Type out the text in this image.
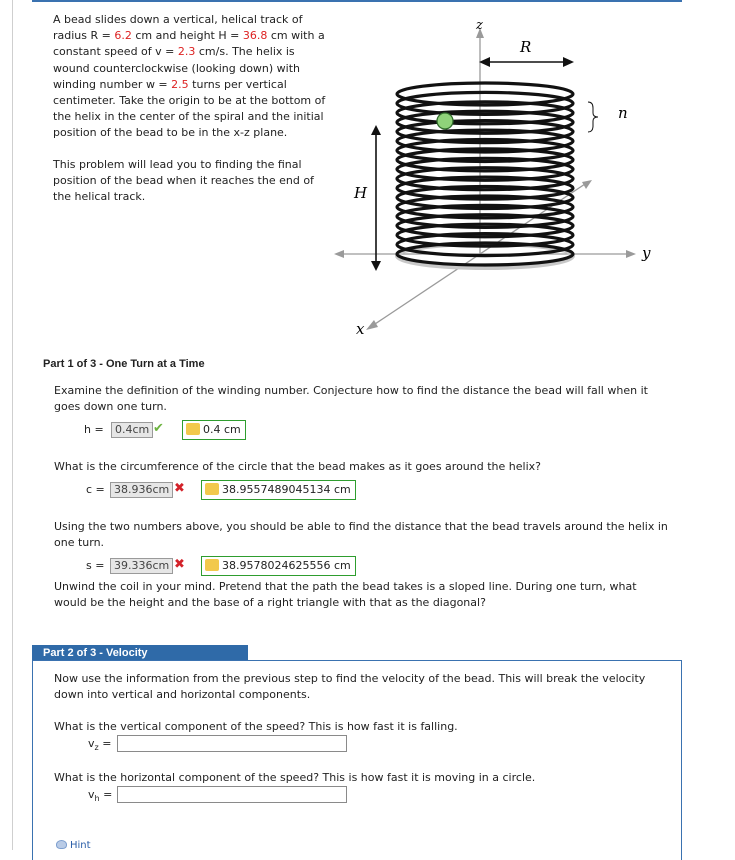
A bead slides down a vertical, helical track of radius R = 6.2 cm and height H = 36.8 cm with a constant speed of v = 2.3 cm/s. The helix is wound counterclockwise (looking down) with winding number w = 2.5 turns per vertical centimeter. Take the origin to be at the bottom of the helix in the center of the spiral and the initial position of the bead to be in the x-z plane.

This problem will lead you to finding the final position of the bead when it reaches the end of the helical track.

z
R
n
H
y
x
Part 1 of 3 - One Turn at a Time
Examine the definition of the winding number. Conjecture how to find the distance the bead will fall when it goes down one turn.
h =	0.4cm ✔	0.4 cm
What is the circumference of the circle that the bead makes as it goes around the helix?
c = 38.936cm ✖	38.9557489045134 cm
Using the two numbers above, you should be able to find the distance that the bead travels around the helix in one turn.
s = 39.336cm ✖	38.9578024625556 cm
Unwind the coil in your mind. Pretend that the path the bead takes is a sloped line. During one turn, what would be the height and the base of a right triangle with that as the diagonal?
Part 2 of 3 - Velocity
Now use the information from the previous step to find the velocity of the bead. This will break the velocity down into vertical and horizontal components.
What is the vertical component of the speed? This is how fast it is falling.
$v_z$ =
What is the horizontal component of the speed? This is how fast it is moving in a circle.
$v_h$ =
Hint
